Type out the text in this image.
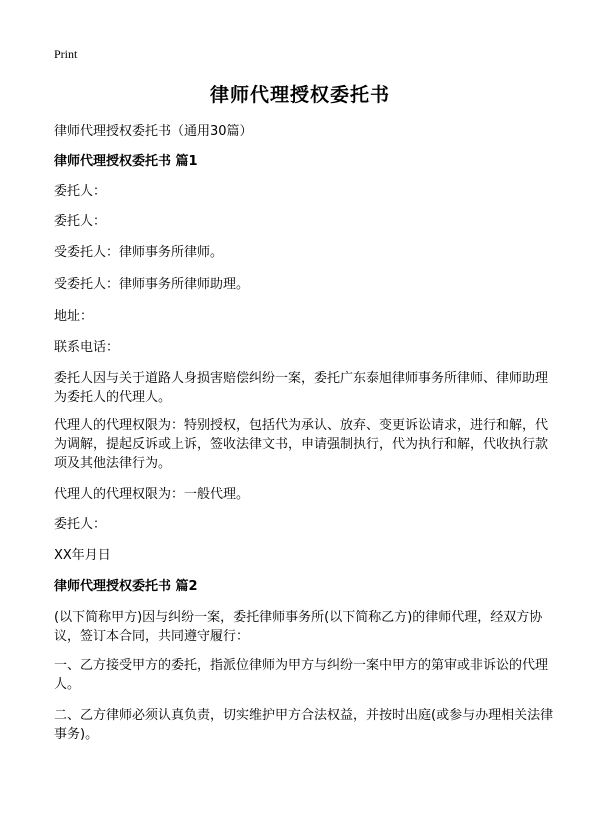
Print
律师代理授权委托书
律师代理授权委托书（通用30篇）
律师代理授权委托书 篇1
委托人：
委托人：
受委托人：律师事务所律师。
受委托人：律师事务所律师助理。
地址：
联系电话：
委托人因与关于道路人身损害赔偿纠纷一案，委托广东泰旭律师事务所律师、律师助理为委托人的代理人。
代理人的代理权限为：特别授权，包括代为承认、放弃、变更诉讼请求，进行和解，代为调解，提起反诉或上诉，签收法律文书，申请强制执行，代为执行和解，代收执行款项及其他法律行为。
代理人的代理权限为：一般代理。
委托人：
XX年月日
律师代理授权委托书 篇2
(以下简称甲方)因与纠纷一案，委托律师事务所(以下简称乙方)的律师代理，经双方协议，签订本合同，共同遵守履行：
一、乙方接受甲方的委托，指派位律师为甲方与纠纷一案中甲方的第审或非诉讼的代理人。
二、乙方律师必须认真负责，切实维护甲方合法权益，并按时出庭(或参与办理相关法律事务)。
